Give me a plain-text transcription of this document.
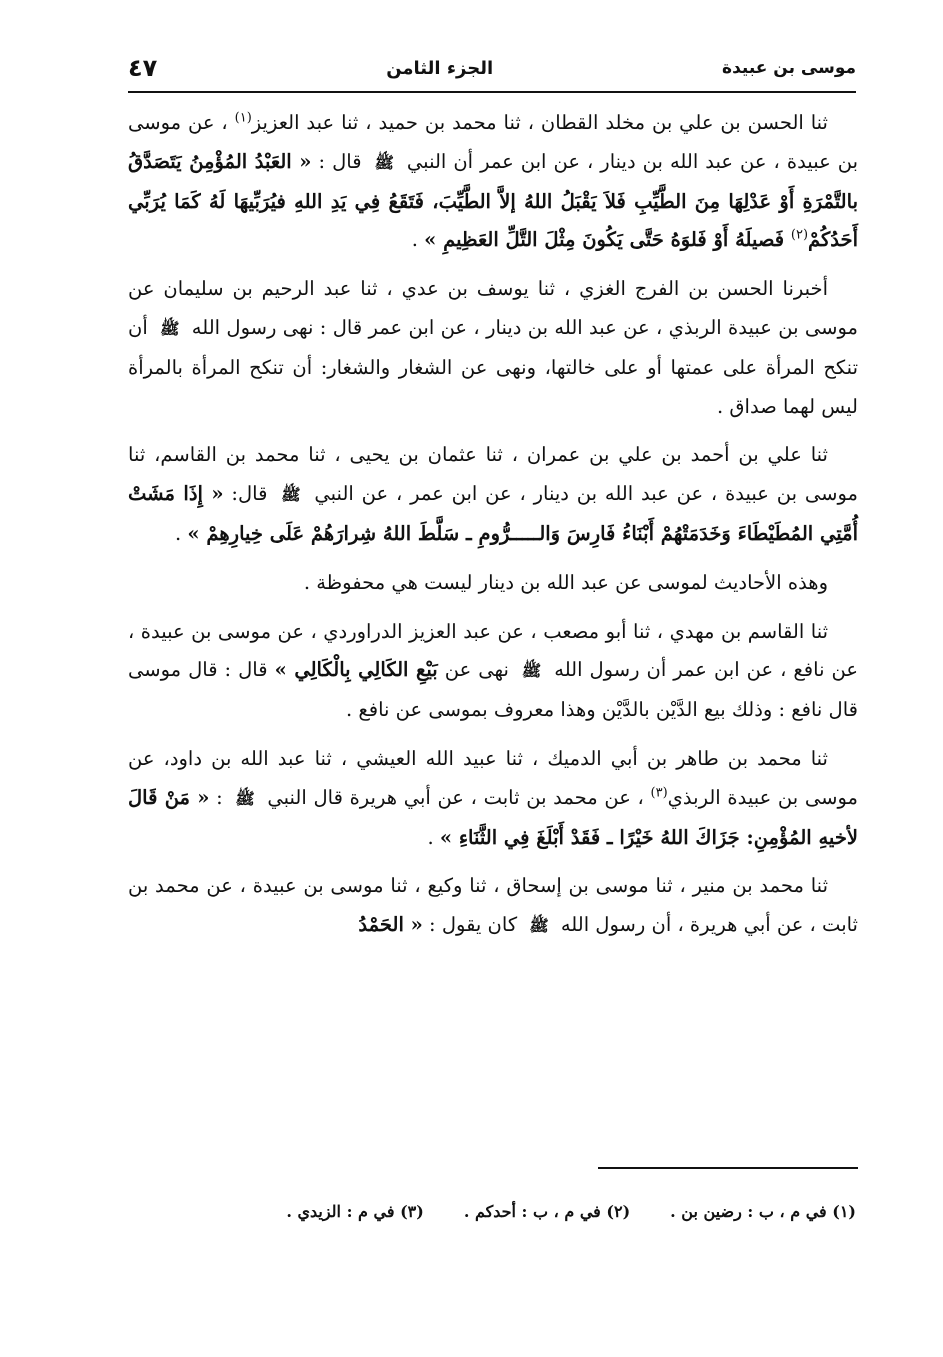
موسى بن عبيدة
الجزء الثامن
٤٧

ثنا الحسن بن علي بن مخلد القطان ، ثنا محمد بن حميد ، ثنا عبد العزيز$^{(١)}$ ، عن موسى بن عبيدة ، عن عبد الله بن دينار ، عن ابن عمر أن النبي ﷺ قال : « العَبْدُ المُؤْمِنُ يَتَصَدَّقُ بالتَّمْرَةِ أَوْ عَدْلِهَا مِنَ الطَّيِّبِ فَلاَ يَقْبَلُ اللهُ إلاَّ الطَّيِّبَ، فَتَقَعُ فِي يَدِ اللهِ فيُرَبِّيهَا لَهُ كَمَا يُرَبِّي أَحَدُكُمْ$^{(٢)}$ فَصيلَهُ أَوْ فَلوَهُ حَتَّى يَكُونَ مِثْلَ التَّلِّ العَظِيمِ » .

أخبرنا الحسن بن الفرج الغزي ، ثنا يوسف بن عدي ، ثنا عبد الرحيم بن سليمان عن موسى بن عبيدة الربذي ، عن عبد الله بن دينار ، عن ابن عمر قال : نهى رسول الله ﷺ أن تنكح المرأة على عمتها أو على خالتها، ونهى عن الشغار والشغار: أن تنكح المرأة بالمرأة ليس لهما صداق .

ثنا علي بن أحمد بن علي بن عمران ، ثنا عثمان بن يحيى ، ثنا محمد بن القاسم، ثنا موسى بن عبيدة ، عن عبد الله بن دينار ، عن ابن عمر ، عن النبي ﷺ قال: « إِذَا مَشَتْ أُمَّتِي المُطَيْطَاءَ وَخَدَمَتْهُمْ أَبْنَاءُ فَارِسَ وَالـــــرُّومِ ـ سَلَّطَ اللهُ شِرارَهُمْ عَلَى خِيارِهِمْ » .

وهذه الأحاديث لموسى عن عبد الله بن دينار ليست هي محفوظة .

ثنا القاسم بن مهدي ، ثنا أبو مصعب ، عن عبد العزيز الدراوردي ، عن موسى بن عبيدة ، عن نافع ، عن ابن عمر أن رسول الله ﷺ نهى عن بَيْعِ الكَالِي بِالْكَالِي » قال : قال موسى قال نافع : وذلك بيع الدَّيْن بالدَّيْن وهذا معروف بموسى عن نافع .

ثنا محمد بن طاهر بن أبي الدميك ، ثنا عبيد الله العيشي ، ثنا عبد الله بن داود، عن موسى بن عبيدة الربذي$^{(٣)}$ ، عن محمد بن ثابت ، عن أبي هريرة قال النبي ﷺ : « مَنْ قَالَ لأخيهِ المُؤْمِنِ: جَزَاكَ اللهُ خَيْرًا ـ فَقَدْ أَبْلَغَ فِي الثَّنَاءِ » .

ثنا محمد بن منير ، ثنا موسى بن إسحاق ، ثنا وكيع ، ثنا موسى بن عبيدة ، عن محمد بن ثابت ، عن أبي هريرة ، أن رسول الله ﷺ كان يقول : « الحَمْدُ

(١) في م ، ب : رضين بن .
(٢) في م ، ب : أحدكم .
(٣) في م : الزيدي .
